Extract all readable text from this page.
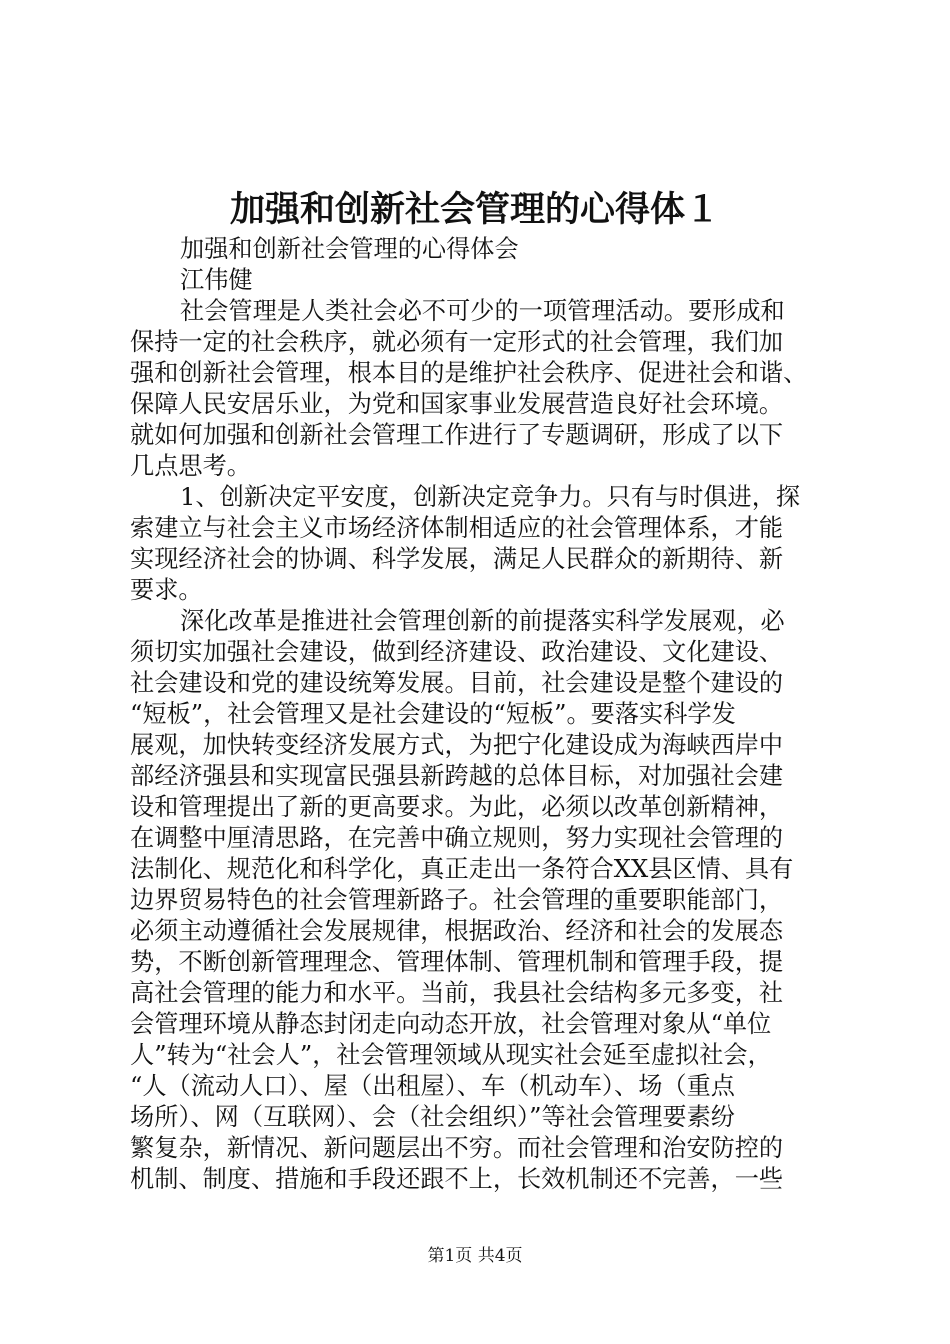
加强和创新社会管理的心得体１
加强和创新社会管理的心得体会
江伟健
社会管理是人类社会必不可少的一项管理活动。要形成和
保持一定的社会秩序，就必须有一定形式的社会管理，我们加
强和创新社会管理，根本目的是维护社会秩序、促进社会和谐、
保障人民安居乐业，为党和国家事业发展营造良好社会环境。
就如何加强和创新社会管理工作进行了专题调研，形成了以下
几点思考。
1、创新决定平安度，创新决定竞争力。只有与时俱进，探
索建立与社会主义市场经济体制相适应的社会管理体系，才能
实现经济社会的协调、科学发展，满足人民群众的新期待、新
要求。
深化改革是推进社会管理创新的前提落实科学发展观，必
须切实加强社会建设，做到经济建设、政治建设、文化建设、
社会建设和党的建设统筹发展。目前，社会建设是整个建设的
“短板”，社会管理又是社会建设的“短板”。要落实科学发
展观，加快转变经济发展方式，为把宁化建设成为海峡西岸中
部经济强县和实现富民强县新跨越的总体目标，对加强社会建
设和管理提出了新的更高要求。为此，必须以改革创新精神，
在调整中厘清思路，在完善中确立规则，努力实现社会管理的
法制化、规范化和科学化，真正走出一条符合XX县区情、具有
边界贸易特色的社会管理新路子。社会管理的重要职能部门，
必须主动遵循社会发展规律，根据政治、经济和社会的发展态
势，不断创新管理理念、管理体制、管理机制和管理手段，提
高社会管理的能力和水平。当前，我县社会结构多元多变，社
会管理环境从静态封闭走向动态开放，社会管理对象从“单位
人”转为“社会人”，社会管理领域从现实社会延至虚拟社会，
“人（流动人口）、屋（出租屋）、车（机动车）、场（重点
场所）、网（互联网）、会（社会组织）”等社会管理要素纷
繁复杂，新情况、新问题层出不穷。而社会管理和治安防控的
机制、制度、措施和手段还跟不上，长效机制还不完善，一些
第1页 共4页
